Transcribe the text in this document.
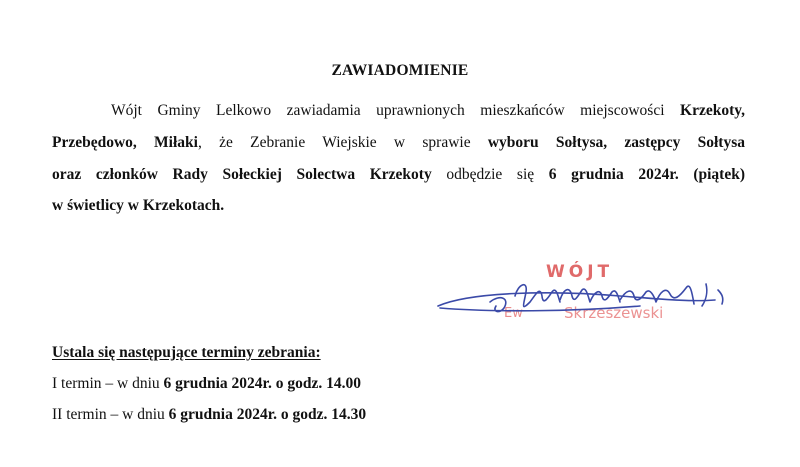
ZAWIADOMIENIE
Wójt Gminy Lelkowo zawiadamia uprawnionych mieszkańców miejscowości Krzekoty,
Przebędowo, Miłaki, że Zebranie Wiejskie w sprawie wyboru Sołtysa, zastępcy Sołtysa
oraz członków Rady Sołeckiej Solectwa Krzekoty odbędzie się 6 grudnia 2024r. (piątek)
w świetlicy w Krzekotach.
WÓJT
Ew	Skrzeszewski
Ustala się następujące terminy zebrania:
I termin – w dniu 6 grudnia 2024r. o godz. 14.00
II termin – w dniu 6 grudnia 2024r. o godz. 14.30
